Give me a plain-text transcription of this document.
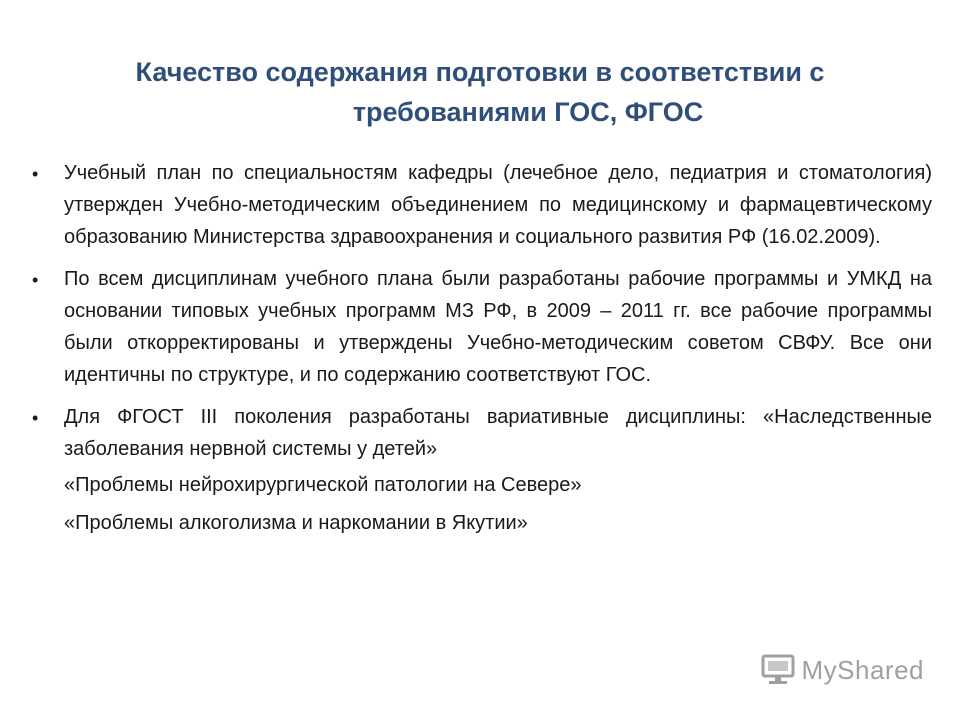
Качество содержания подготовки в соответствии с
требованиями ГОС, ФГОС
• Учебный план по специальностям кафедры (лечебное дело, педиатрия и стоматология) утвержден Учебно-методическим объединением по медицинскому и фармацевтическому образованию Министерства здравоохранения и социального развития РФ (16.02.2009).
• По всем дисциплинам учебного плана были разработаны рабочие программы и УМКД на основании типовых учебных программ МЗ РФ, в 2009 – 2011 гг. все рабочие программы были откорректированы и утверждены Учебно-методическим советом СВФУ. Все они идентичны по структуре, и по содержанию соответствуют ГОС.
• Для ФГОСТ III поколения разработаны вариативные дисциплины: «Наследственные заболевания нервной системы у детей»
«Проблемы нейрохирургической патологии на Севере»
«Проблемы алкоголизма и наркомании в Якутии»
MyShared
